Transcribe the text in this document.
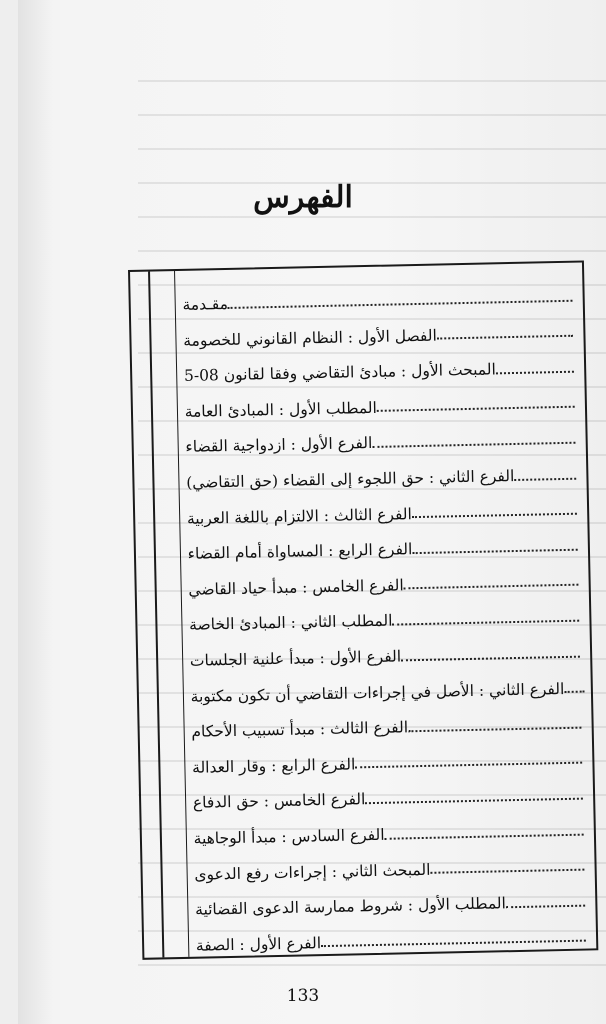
الفهرس
مقـدمة
الفصل الأول : النظام القانوني للخصومة
المبحث الأول : مبادئ التقاضي وفقا لقانون 08-5
المطلب الأول : المبادئ العامة
الفرع الأول : ازدواجية القضاء
الفرع الثاني : حق اللجوء إلى القضاء (حق التقاضي)
الفرع الثالث : الالتزام باللغة العربية
الفرع الرابع : المساواة أمام القضاء
الفرع الخامس : مبدأ حياد القاضي
المطلب الثاني : المبادئ الخاصة
الفرع الأول : مبدأ علنية الجلسات
الفرع الثاني : الأصل في إجراءات التقاضي أن تكون مكتوبة
الفرع الثالث : مبدأ تسبيب الأحكام
الفرع الرابع : وقار العدالة
الفرع الخامس : حق الدفاع
الفرع السادس : مبدأ الوجاهية
المبحث الثاني : إجراءات رفع الدعوى
المطلب الأول : شروط ممارسة الدعوى القضائية
الفرع الأول : الصفة
133
